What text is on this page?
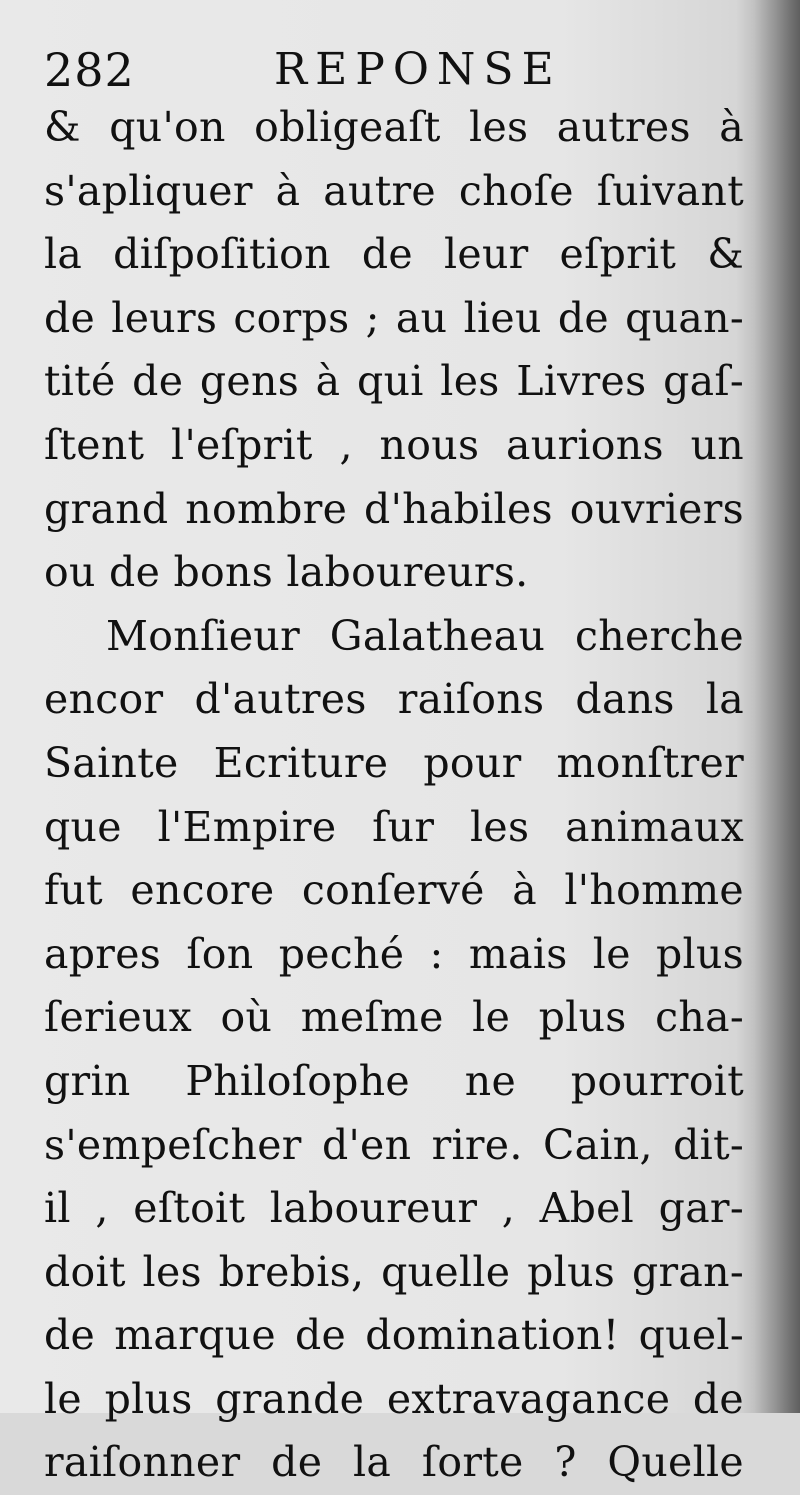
282	REPONSE
& qu'on obligeaſt les autres à
s'apliquer à autre choſe ſuivant
la diſpoſition de leur eſprit &
de leurs corps ; au lieu de quan-
tité de gens à qui les Livres gaſ-
ſtent l'eſprit , nous aurions un
grand nombre d'habiles ouvriers
ou de bons laboureurs.
Monſieur Galatheau cherche
encor d'autres raiſons dans la
Sainte Ecriture pour monſtrer
que l'Empire ſur les animaux
fut encore conſervé à l'homme
apres ſon peché : mais le plus
ſerieux où meſme le plus cha-
grin Philoſophe ne pourroit
s'empeſcher d'en rire. Cain, dit-
il , eſtoit laboureur , Abel gar-
doit les brebis, quelle plus gran-
de marque de domination! quel-
le plus grande extravagance de
raiſonner de la ſorte ? Quelle
